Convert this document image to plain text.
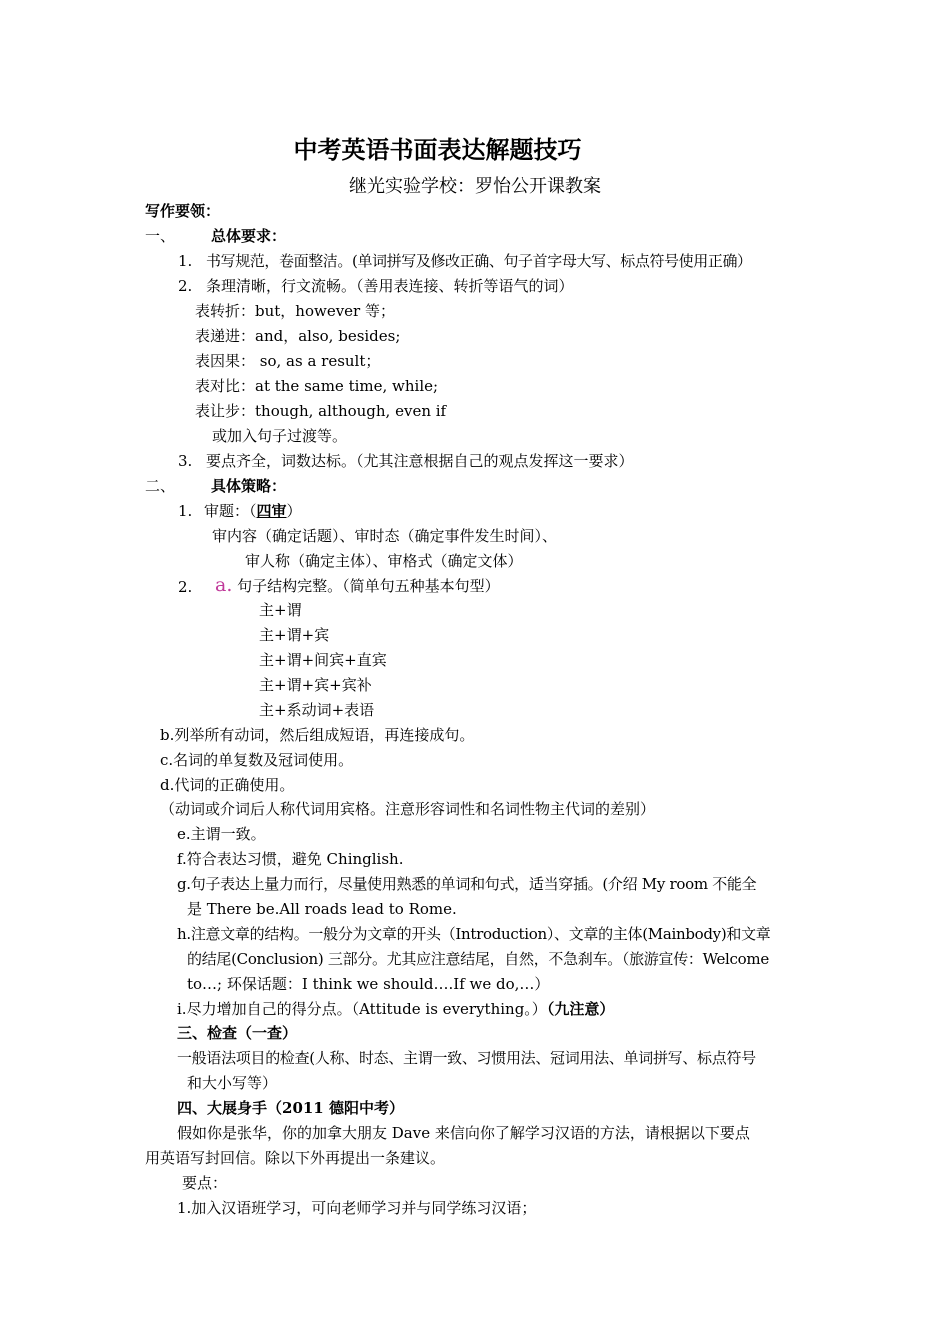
中考英语书面表达解题技巧
继光实验学校：罗怡公开课教案
写作要领：
一、 总体要求：
1. 书写规范，卷面整洁。(单词拼写及修改正确、句子首字母大写、标点符号使用正确）
2. 条理清晰，行文流畅。（善用表连接、转折等语气的词）
表转折：but，however 等；
表递进：and，also, besides;
表因果： so, as a result；
表对比：at the same time, while;
表让步：though, although, even if
或加入句子过渡等。
3. 要点齐全，词数达标。（尤其注意根据自己的观点发挥这一要求）
二、 具体策略：
1. 审题：（四审）
审内容（确定话题）、审时态（确定事件发生时间）、
审人称（确定主体）、审格式（确定文体）
2. a. 句子结构完整。（简单句五种基本句型）
主+谓
主+谓+宾
主+谓+间宾+直宾
主+谓+宾+宾补
主+系动词+表语
b.列举所有动词，然后组成短语，再连接成句。
c.名词的单复数及冠词使用。
d.代词的正确使用。
（动词或介词后人称代词用宾格。注意形容词性和名词性物主代词的差别）
e.主谓一致。
f.符合表达习惯，避免 Chinglish.
g.句子表达上量力而行，尽量使用熟悉的单词和句式，适当穿插。(介绍 My room 不能全
是 There be.All roads lead to Rome.
h.注意文章的结构。一般分为文章的开头（Introduction）、文章的主体(Mainbody)和文章
的结尾(Conclusion) 三部分。尤其应注意结尾，自然，不急刹车。（旅游宣传：Welcome
to…; 环保话题：I think we should….If we do,…）
i.尽力增加自己的得分点。（Attitude is everything。）（九注意）
三、检查（一查）
一般语法项目的检查(人称、时态、主谓一致、习惯用法、冠词用法、单词拼写、标点符号
和大小写等）
四、大展身手（2011 德阳中考）
假如你是张华，你的加拿大朋友 Dave 来信向你了解学习汉语的方法，请根据以下要点
用英语写封回信。除以下外再提出一条建议。
要点：
1.加入汉语班学习，可向老师学习并与同学练习汉语；
